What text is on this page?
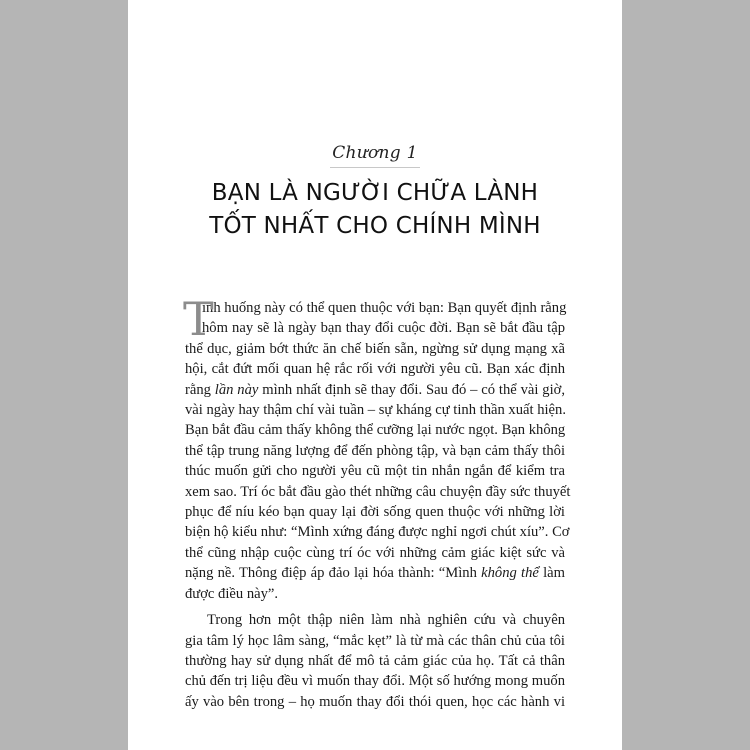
Chương 1
BẠN LÀ NGƯỜI CHỮA LÀNH
TỐT NHẤT CHO CHÍNH MÌNH
T

ình huống này có thể quen thuộc với bạn: Bạn quyết định rằng

hôm nay sẽ là ngày bạn thay đổi cuộc đời. Bạn sẽ bắt đầu tập

thể dục, giảm bớt thức ăn chế biến sẵn, ngừng sử dụng mạng xã

hội, cắt đứt mối quan hệ rắc rối với người yêu cũ. Bạn xác định

rằng lần này mình nhất định sẽ thay đổi. Sau đó – có thể vài giờ,

vài ngày hay thậm chí vài tuần – sự kháng cự tinh thần xuất hiện.

Bạn bắt đầu cảm thấy không thể cưỡng lại nước ngọt. Bạn không

thể tập trung năng lượng để đến phòng tập, và bạn cảm thấy thôi

thúc muốn gửi cho người yêu cũ một tin nhắn ngắn để kiểm tra

xem sao. Trí óc bắt đầu gào thét những câu chuyện đầy sức thuyết

phục để níu kéo bạn quay lại đời sống quen thuộc với những lời

biện hộ kiểu như: “Mình xứng đáng được nghỉ ngơi chút xíu”. Cơ

thể cũng nhập cuộc cùng trí óc với những cảm giác kiệt sức và

nặng nề. Thông điệp áp đảo lại hóa thành: “Mình không thể làm

được điều này”.

Trong hơn một thập niên làm nhà nghiên cứu và chuyên

gia tâm lý học lâm sàng, “mắc kẹt” là từ mà các thân chủ của tôi

thường hay sử dụng nhất để mô tả cảm giác của họ. Tất cả thân

chủ đến trị liệu đều vì muốn thay đổi. Một số hướng mong muốn

ấy vào bên trong – họ muốn thay đổi thói quen, học các hành vi
